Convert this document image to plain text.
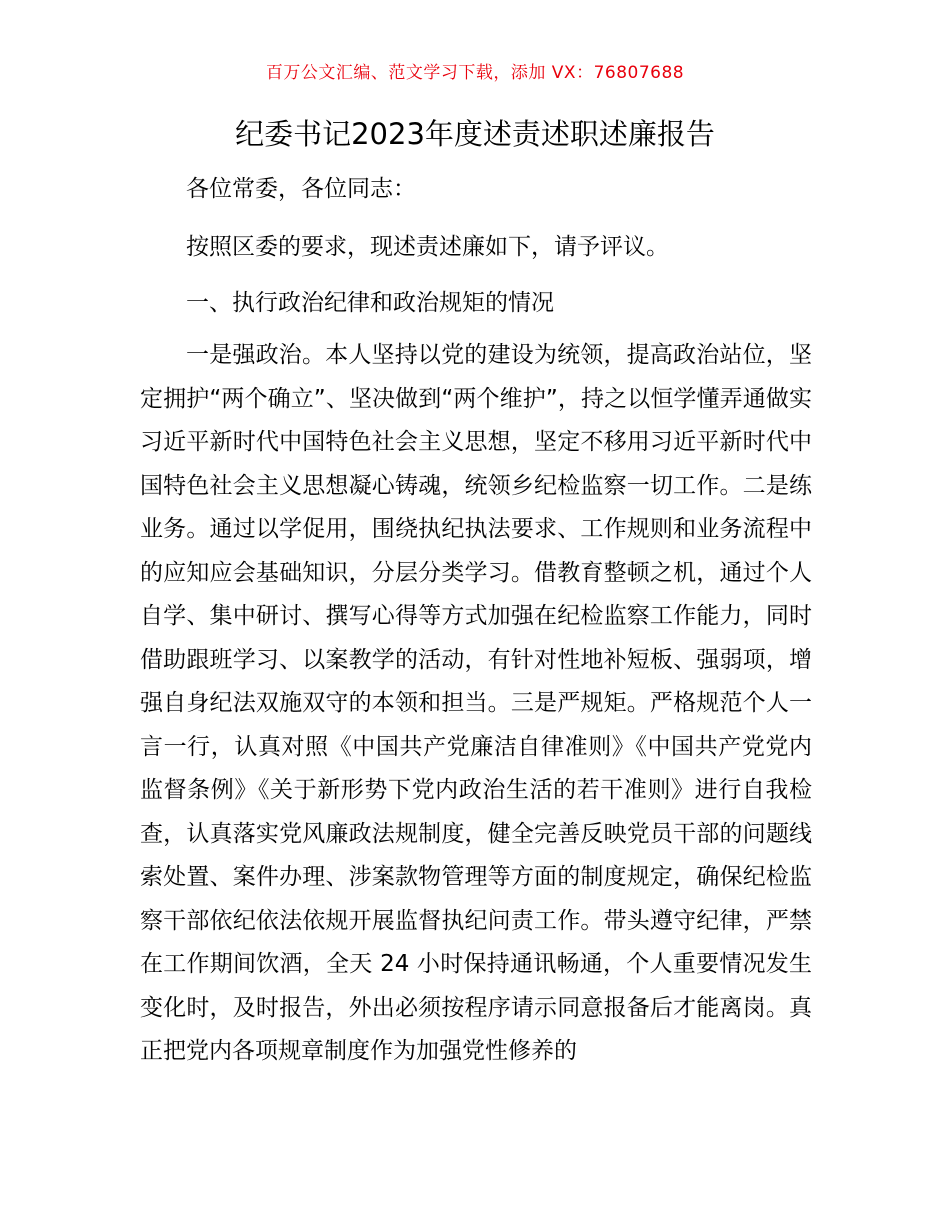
百万公文汇编、范文学习下载，添加 VX：76807688
纪委书记2023年度述责述职述廉报告
各位常委，各位同志：
按照区委的要求，现述责述廉如下，请予评议。
一、执行政治纪律和政治规矩的情况
一是强政治。本人坚持以党的建设为统领，提高政治站位，坚定拥护“两个确立”、坚决做到“两个维护”，持之以恒学懂弄通做实习近平新时代中国特色社会主义思想，坚定不移用习近平新时代中国特色社会主义思想凝心铸魂，统领乡纪检监察一切工作。二是练业务。通过以学促用，围绕执纪执法要求、工作规则和业务流程中的应知应会基础知识，分层分类学习。借教育整顿之机，通过个人自学、集中研讨、撰写心得等方式加强在纪检监察工作能力，同时借助跟班学习、以案教学的活动，有针对性地补短板、强弱项，增强自身纪法双施双守的本领和担当。三是严规矩。严格规范个人一言一行，认真对照《中国共产党廉洁自律准则》《中国共产党党内监督条例》《关于新形势下党内政治生活的若干准则》进行自我检查，认真落实党风廉政法规制度，健全完善反映党员干部的问题线索处置、案件办理、涉案款物管理等方面的制度规定，确保纪检监察干部依纪依法依规开展监督执纪问责工作。带头遵守纪律，严禁在工作期间饮酒，全天 24 小时保持通讯畅通，个人重要情况发生变化时，及时报告，外出必须按程序请示同意报备后才能离岗。真正把党内各项规章制度作为加强党性修养的
